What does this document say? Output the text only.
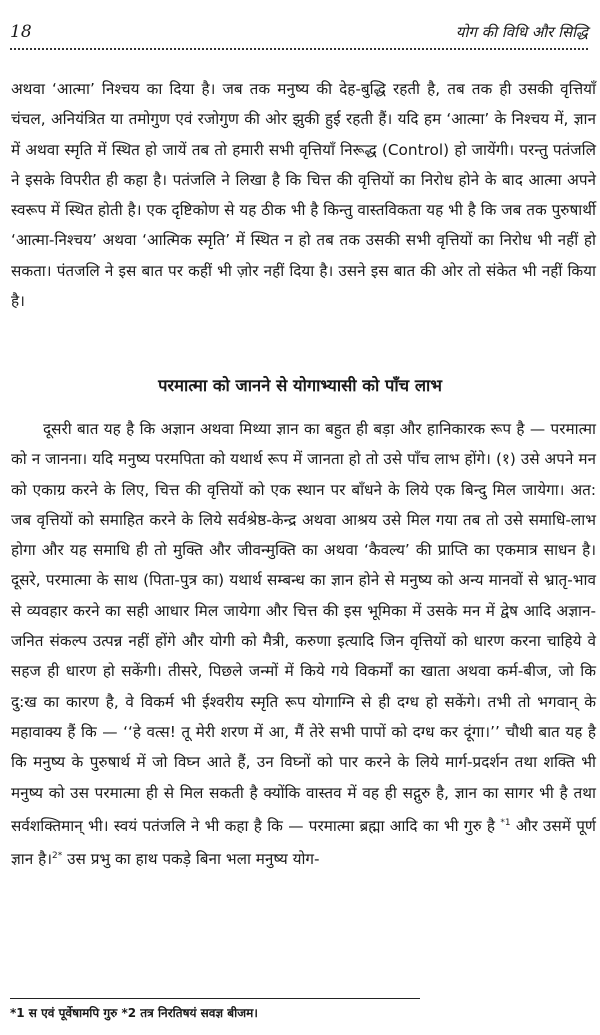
18	योग की विधि और सिद्धि

अथवा ‘आत्मा’ निश्चय का दिया है। जब तक मनुष्य की देह-बुद्धि रहती है, तब तक ही उसकी वृत्तियाँ चंचल, अनियंत्रित या तमोगुण एवं रजोगुण की ओर झुकी हुई रहती हैं। यदि हम ‘आत्मा’ के निश्चय में, ज्ञान में अथवा स्मृति में स्थित हो जायें तब तो हमारी सभी वृत्तियाँ निरूद्ध (Control) हो जायेंगी। परन्तु पतंजलि ने इसके विपरीत ही कहा है। पतंजलि ने लिखा है कि चित्त की वृत्तियों का निरोध होने के बाद आत्मा अपने स्वरूप में स्थित होती है। एक दृष्टिकोण से यह ठीक भी है किन्तु वास्तविकता यह भी है कि जब तक पुरुषार्थी ‘आत्मा-निश्चय’ अथवा ‘आत्मिक स्मृति’ में स्थित न हो तब तक उसकी सभी वृत्तियों का निरोध भी नहीं हो सकता। पंतजलि ने इस बात पर कहीं भी ज़ोर नहीं दिया है। उसने इस बात की ओर तो संकेत भी नहीं किया है।

परमात्मा को जानने से योगाभ्यासी को पाँच लाभ

दूसरी बात यह है कि अज्ञान अथवा मिथ्या ज्ञान का बहुत ही बड़ा और हानिकारक रूप है — परमात्मा को न जानना। यदि मनुष्य परमपिता को यथार्थ रूप में जानता हो तो उसे पाँच लाभ होंगे। (१) उसे अपने मन को एकाग्र करने के लिए, चित्त की वृत्तियों को एक स्थान पर बाँधने के लिये एक बिन्दु मिल जायेगा। अत: जब वृत्तियों को समाहित करने के लिये सर्वश्रेष्ठ-केन्द्र अथवा आश्रय उसे मिल गया तब तो उसे समाधि-लाभ होगा और यह समाधि ही तो मुक्ति और जीवन्मुक्ति का अथवा ‘कैवल्य’ की प्राप्ति का एकमात्र साधन है। दूसरे, परमात्मा के साथ (पिता-पुत्र का) यथार्थ सम्बन्ध का ज्ञान होने से मनुष्य को अन्य मानवों से भ्रातृ-भाव से व्यवहार करने का सही आधार मिल जायेगा और चित्त की इस भूमिका में उसके मन में द्वेष आदि अज्ञान-जनित संकल्प उत्पन्न नहीं होंगे और योगी को मैत्री, करुणा इत्यादि जिन वृत्तियों को धारण करना चाहिये वे सहज ही धारण हो सकेंगी। तीसरे, पिछले जन्मों में किये गये विकर्मों का खाता अथवा कर्म-बीज, जो कि दु:ख का कारण है, वे विकर्म भी ईश्वरीय स्मृति रूप योगाग्नि से ही दग्ध हो सकेंगे। तभी तो भगवान् के महावाक्य हैं कि — ‘‘हे वत्स! तू मेरी शरण में आ, मैं तेरे सभी पापों को दग्ध कर दूंगा।’’ चौथी बात यह है कि मनुष्य के पुरुषार्थ में जो विघ्न आते हैं, उन विघ्नों को पार करने के लिये मार्ग-प्रदर्शन तथा शक्ति भी मनुष्य को उस परमात्मा ही से मिल सकती है क्योंकि वास्तव में वह ही सद्गुरु है, ज्ञान का सागर भी है तथा सर्वशक्तिमान् भी। स्वयं पतंजलि ने भी कहा है कि — परमात्मा ब्रह्मा आदि का भी गुरु है $^{*1}$ और उसमें पूर्ण ज्ञान है।$^{2*}$ उस प्रभु का हाथ पकड़े बिना भला मनुष्य योग-

*1 स एवं पूर्वेषामपि गुरु *2 तत्र निरतिषयं सवज्ञ बीजम।
